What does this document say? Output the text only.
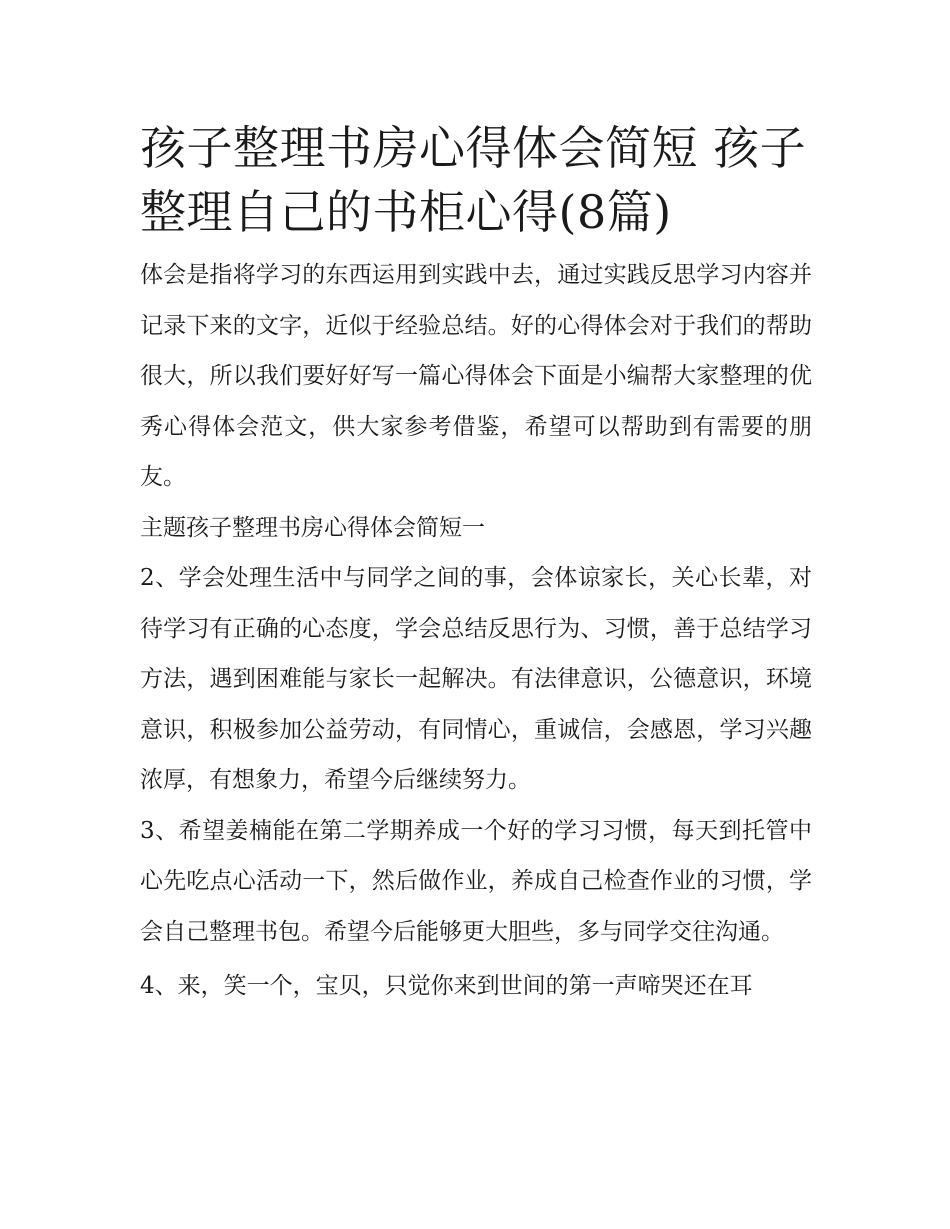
孩子整理书房心得体会简短 孩子整理自己的书柜心得(8篇)

体会是指将学习的东西运用到实践中去，通过实践反思学习内容并记录下来的文字，近似于经验总结。好的心得体会对于我们的帮助很大，所以我们要好好写一篇心得体会下面是小编帮大家整理的优秀心得体会范文，供大家参考借鉴，希望可以帮助到有需要的朋友。

主题孩子整理书房心得体会简短一

2、学会处理生活中与同学之间的事，会体谅家长，关心长辈，对待学习有正确的心态度，学会总结反思行为、习惯，善于总结学习方法，遇到困难能与家长一起解决。有法律意识，公德意识，环境意识，积极参加公益劳动，有同情心，重诚信，会感恩，学习兴趣浓厚，有想象力，希望今后继续努力。

3、希望姜楠能在第二学期养成一个好的学习习惯，每天到托管中心先吃点心活动一下，然后做作业，养成自己检查作业的习惯，学会自己整理书包。希望今后能够更大胆些，多与同学交往沟通。

4、来，笑一个，宝贝，只觉你来到世间的第一声啼哭还在耳
